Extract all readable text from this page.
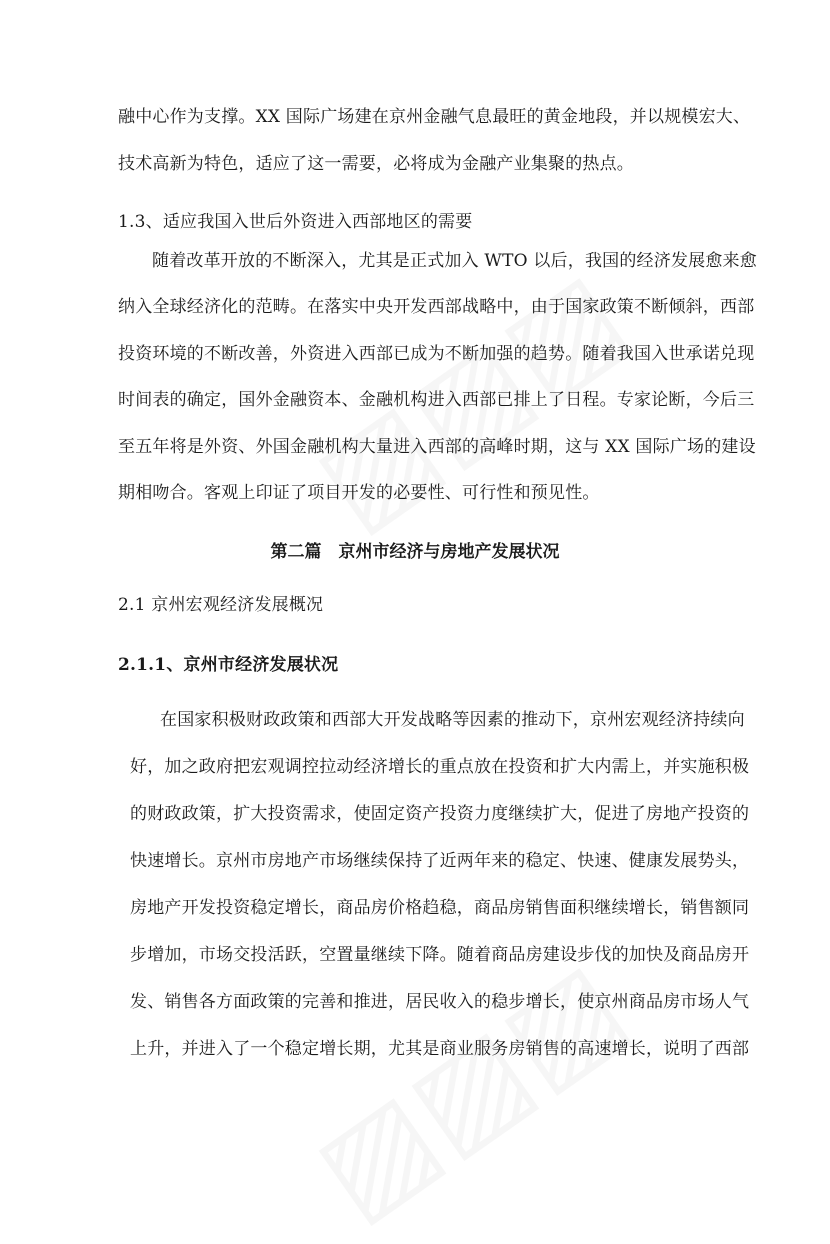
融中心作为支撑。XX 国际广场建在京州金融气息最旺的黄金地段，并以规模宏大、
技术高新为特色，适应了这一需要，必将成为金融产业集聚的热点。
1.3、适应我国入世后外资进入西部地区的需要
随着改革开放的不断深入，尤其是正式加入 WTO 以后，我国的经济发展愈来愈
纳入全球经济化的范畴。在落实中央开发西部战略中，由于国家政策不断倾斜，西部
投资环境的不断改善，外资进入西部已成为不断加强的趋势。随着我国入世承诺兑现
时间表的确定，国外金融资本、金融机构进入西部已排上了日程。专家论断，今后三
至五年将是外资、外国金融机构大量进入西部的高峰时期，这与 XX 国际广场的建设
期相吻合。客观上印证了项目开发的必要性、可行性和预见性。
第二篇　京州市经济与房地产发展状况
2.1 京州宏观经济发展概况
2.1.1、京州市经济发展状况
在国家积极财政政策和西部大开发战略等因素的推动下，京州宏观经济持续向
好，加之政府把宏观调控拉动经济增长的重点放在投资和扩大内需上，并实施积极
的财政政策，扩大投资需求，使固定资产投资力度继续扩大，促进了房地产投资的
快速增长。京州市房地产市场继续保持了近两年来的稳定、快速、健康发展势头，
房地产开发投资稳定增长，商品房价格趋稳，商品房销售面积继续增长，销售额同
步增加，市场交投活跃，空置量继续下降。随着商品房建设步伐的加快及商品房开
发、销售各方面政策的完善和推进，居民收入的稳步增长，使京州商品房市场人气
上升，并进入了一个稳定增长期，尤其是商业服务房销售的高速增长，说明了西部
